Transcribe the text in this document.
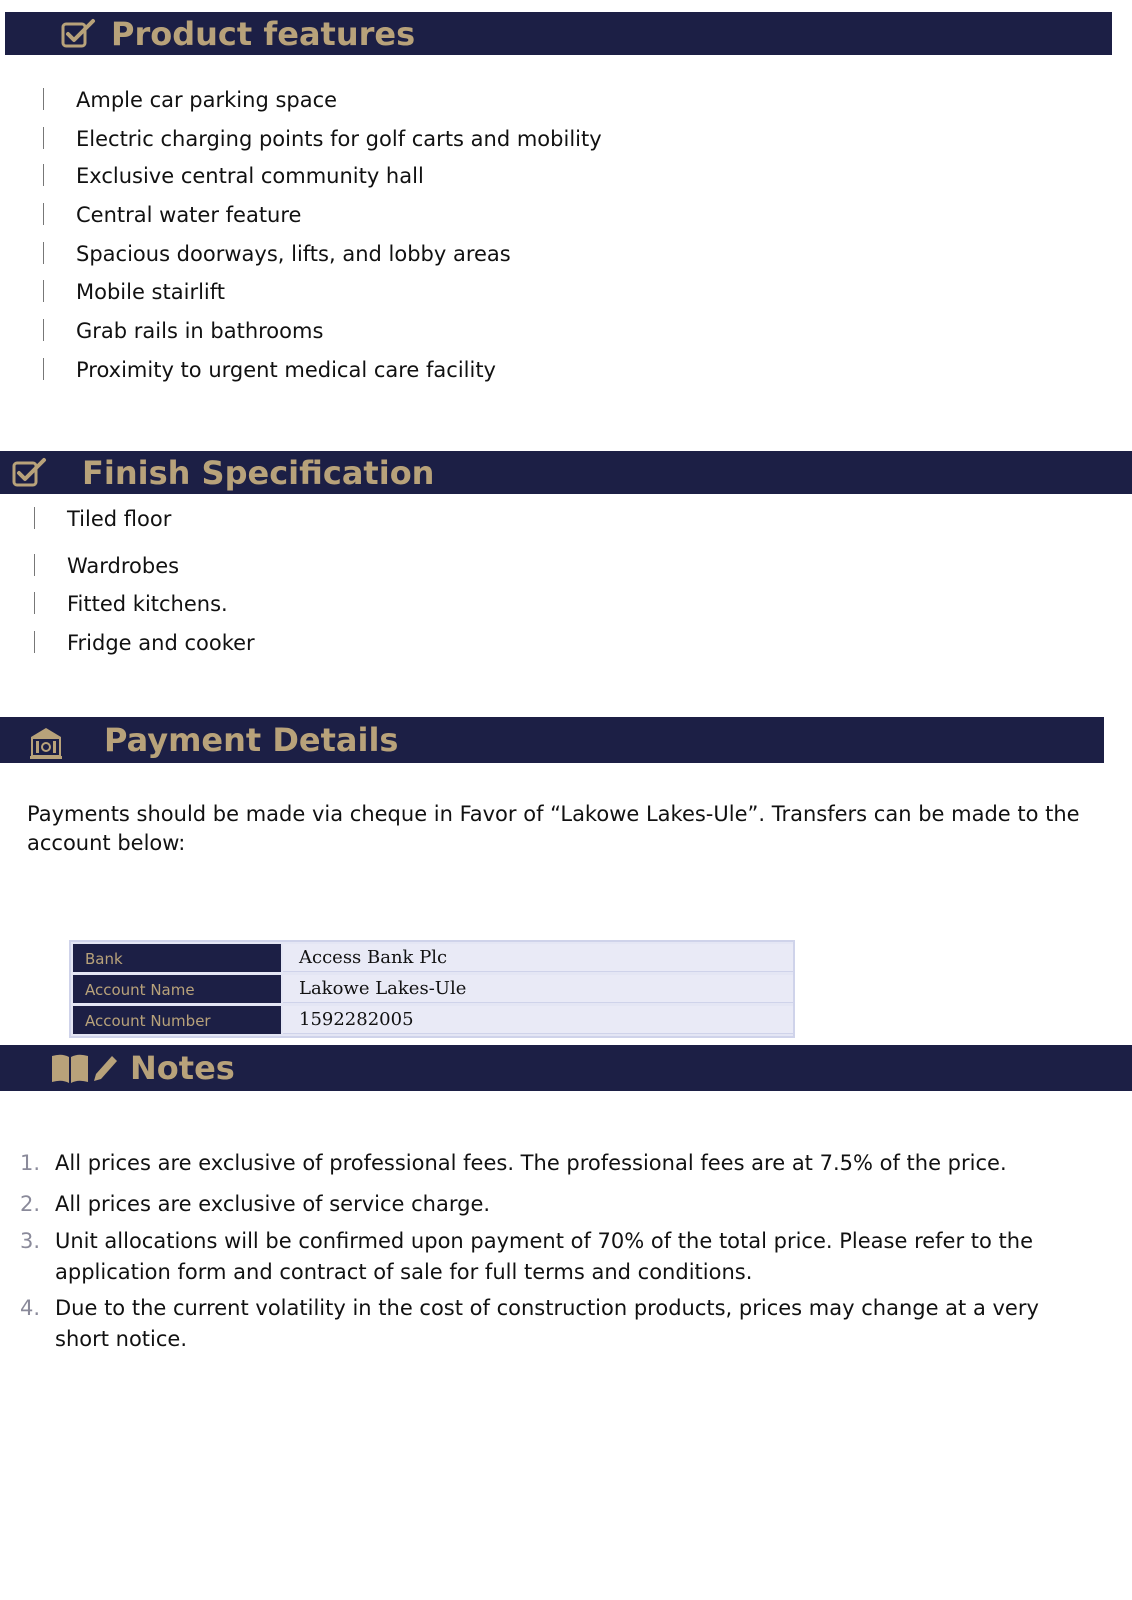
Product features
Ample car parking space
Electric charging points for golf carts and mobility
Exclusive central community hall
Central water feature
Spacious doorways, lifts, and lobby areas
Mobile stairlift
Grab rails in bathrooms
Proximity to urgent medical care facility
Finish Specification
Tiled floor
Wardrobes
Fitted kitchens.
Fridge and cooker
Payment Details

Payments should be made via cheque in Favor of “Lakowe Lakes-Ule”. Transfers can be made to the account below:

Bank	Access Bank Plc
Account Name	Lakowe Lakes-Ule
Account Number	1592282005
Notes
1. All prices are exclusive of professional fees. The professional fees are at 7.5% of the price.
2. All prices are exclusive of service charge.
3. Unit allocations will be confirmed upon payment of 70% of the total price. Please refer to the application form and contract of sale for full terms and conditions.
4. Due to the current volatility in the cost of construction products, prices may change at a very short notice.
